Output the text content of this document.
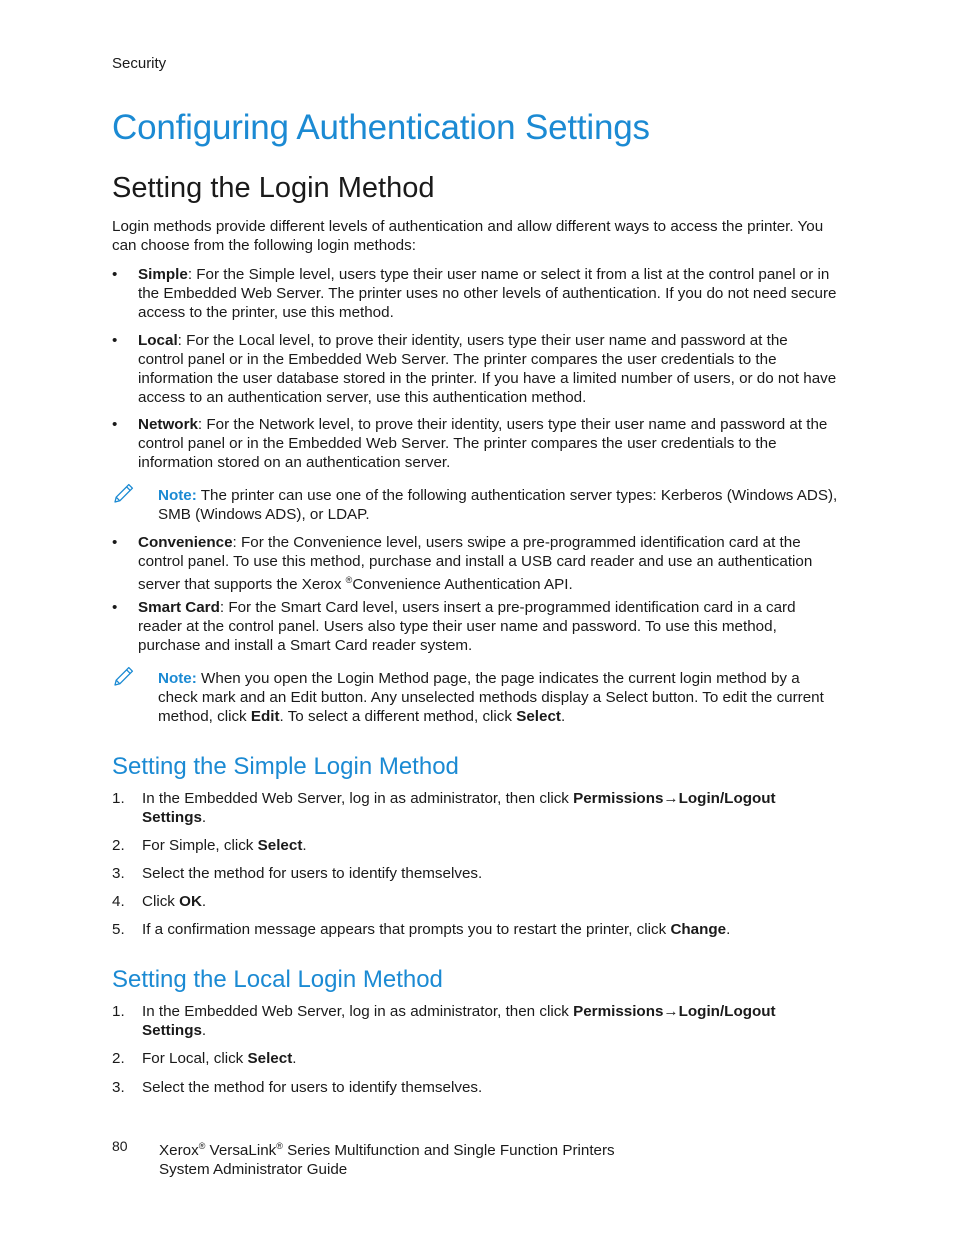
Security
Configuring Authentication Settings
Setting the Login Method

Login methods provide different levels of authentication and allow different ways to access the printer. You can choose from the following login methods:

• Simple: For the Simple level, users type their user name or select it from a list at the control panel or in the Embedded Web Server. The printer uses no other levels of authentication. If you do not need secure access to the printer, use this method.
• Local: For the Local level, to prove their identity, users type their user name and password at the control panel or in the Embedded Web Server. The printer compares the user credentials to the information the user database stored in the printer. If you have a limited number of users, or do not have access to an authentication server, use this authentication method.
• Network: For the Network level, to prove their identity, users type their user name and password at the control panel or in the Embedded Web Server. The printer compares the user credentials to the information stored on an authentication server.
Note: The printer can use one of the following authentication server types: Kerberos (Windows ADS), SMB (Windows ADS), or LDAP.
• Convenience: For the Convenience level, users swipe a pre-programmed identification card at the control panel. To use this method, purchase and install a USB card reader and use an authentication server that supports the Xerox ®Convenience Authentication API.
• Smart Card: For the Smart Card level, users insert a pre-programmed identification card in a card reader at the control panel. Users also type their user name and password. To use this method, purchase and install a Smart Card reader system.
Note: When you open the Login Method page, the page indicates the current login method by a check mark and an Edit button. Any unselected methods display a Select button. To edit the current method, click Edit. To select a different method, click Select.
Setting the Simple Login Method
1. In the Embedded Web Server, log in as administrator, then click Permissions→Login/Logout Settings.
2. For Simple, click Select.
3. Select the method for users to identify themselves.
4. Click OK.
5. If a confirmation message appears that prompts you to restart the printer, click Change.
Setting the Local Login Method
1. In the Embedded Web Server, log in as administrator, then click Permissions→Login/Logout Settings.
2. For Local, click Select.
3. Select the method for users to identify themselves.
80 Xerox® VersaLink® Series Multifunction and Single Function Printers
System Administrator Guide
